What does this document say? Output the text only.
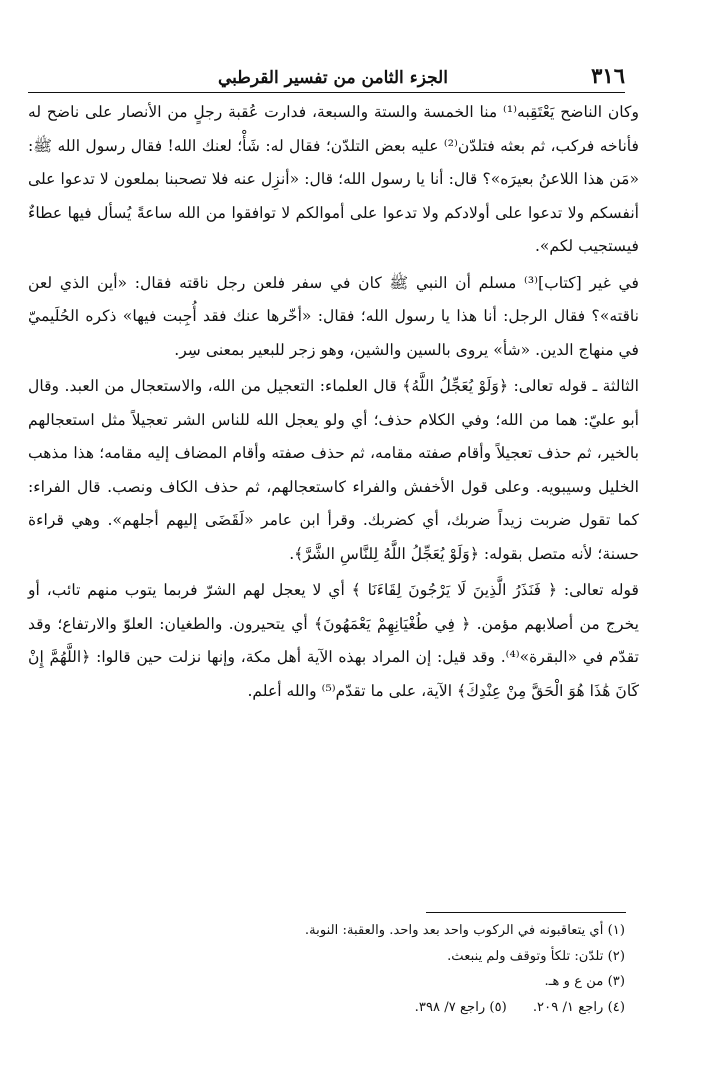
٣١٦
الجزء الثامن من تفسير القرطبي

وكان الناضح يَعْتَقِبه⁽¹⁾ منا الخمسة والستة والسبعة، فدارت عُقبة رجلٍ من الأنصار على ناضح له فأناخه فركب، ثم بعثه فتلدّن⁽²⁾ عليه بعض التلدّن؛ فقال له: شَأْ؛ لعنك الله! فقال رسول الله ﷺ: «مَن هذا اللاعنُ بعيرَه»؟ قال: أنا يا رسول الله؛ قال: «أنزِل عنه فلا تصحبنا بملعون لا تدعوا على أنفسكم ولا تدعوا على أولادكم ولا تدعوا على أموالكم لا توافقوا من الله ساعةً يُسأل فيها عطاءٌ فيستجيب لكم».

في غير [كتاب]⁽³⁾ مسلم أن النبي ﷺ كان في سفر فلعن رجل ناقته فقال: «أين الذي لعن ناقته»؟ فقال الرجل: أنا هذا يا رسول الله؛ فقال: «أخّرها عنك فقد أُجِبت فيها» ذكره الحُلَيميّ في منهاج الدين. «شأ» يروى بالسين والشين، وهو زجر للبعير بمعنى سِر.

الثالثة ـ قوله تعالى: ﴿وَلَوْ يُعَجِّلُ اللَّهُ﴾ قال العلماء: التعجيل من الله، والاستعجال من العبد. وقال أبو عليّ: هما من الله؛ وفي الكلام حذف؛ أي ولو يعجل الله للناس الشر تعجيلاً مثل استعجالهم بالخير، ثم حذف تعجيلاً وأقام صفته مقامه، ثم حذف صفته وأقام المضاف إليه مقامه؛ هذا مذهب الخليل وسيبويه. وعلى قول الأخفش والفراء كاستعجالهم، ثم حذف الكاف ونصب. قال الفراء: كما تقول ضربت زيداً ضربك، أي كضربك. وقرأ ابن عامر «لَقَضَى إليهم أجلهم». وهي قراءة حسنة؛ لأنه متصل بقوله: ﴿وَلَوْ يُعَجِّلُ اللَّهُ لِلنَّاسِ الشَّرَّ﴾.

قوله تعالى: ﴿ فَنَذَرُ الَّذِينَ لَا يَرْجُونَ لِقَاءَنَا ﴾ أي لا يعجل لهم الشرّ فربما يتوب منهم تائب، أو يخرج من أصلابهم مؤمن. ﴿ فِي طُغْيَانِهِمْ يَعْمَهُونَ﴾ أي يتحيرون. والطغيان: العلوّ والارتفاع؛ وقد تقدّم في «البقرة»⁽⁴⁾. وقد قيل: إن المراد بهذه الآية أهل مكة، وإنها نزلت حين قالوا: ﴿اللَّهُمَّ إِنْ كَانَ هَٰذَا هُوَ الْحَقَّ مِنْ عِنْدِكَ﴾ الآية، على ما تقدّم⁽⁵⁾ والله أعلم.

(١) أي يتعاقبونه في الركوب واحد بعد واحد. والعقبة: النوبة.
(٢) تلدّن: تلكأ وتوقف ولم ينبعث.
(٣) من ع و هـ.
(٤) راجع ١/ ٢٠٩.
(٥) راجع ٧/ ٣٩٨.
